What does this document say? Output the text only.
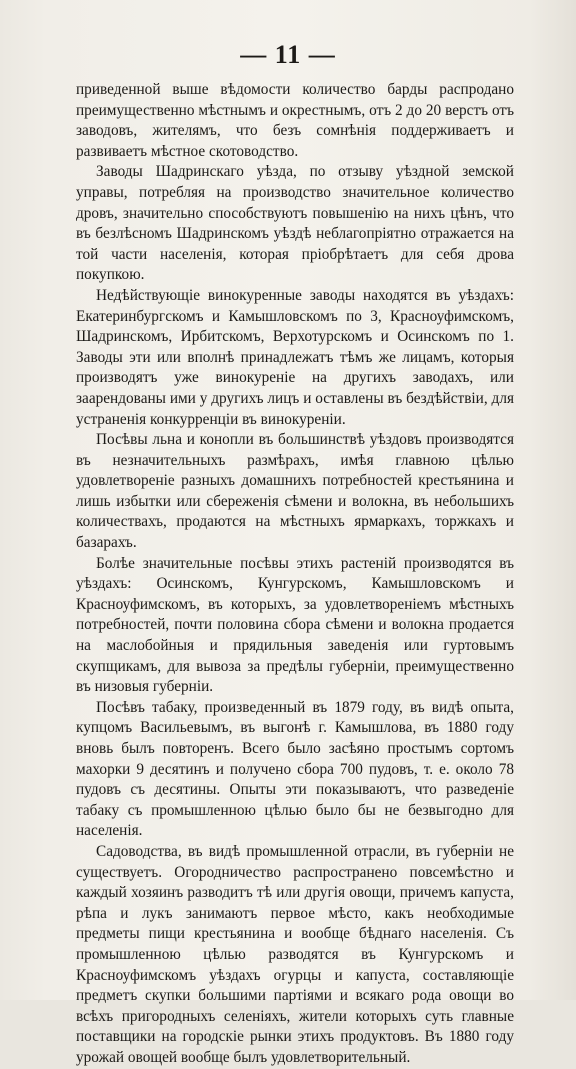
— 11 —

приведенной выше вѣдомости количество барды распродано преимущественно мѣстнымъ и окрестнымъ, отъ 2 до 20 верстъ отъ заводовъ, жителямъ, что безъ сомнѣнія поддерживаетъ и развиваетъ мѣстное скотоводство.

Заводы Шадринскаго уѣзда, по отзыву уѣздной земской управы, потребляя на производство значительное количество дровъ, значительно способствуютъ повышенію на нихъ цѣнъ, что въ безлѣсномъ Шадринскомъ уѣздѣ неблагопріятно отражается на той части населенія, которая пріобрѣтаетъ для себя дрова покупкою.

Недѣйствующіе винокуренные заводы находятся въ уѣздахъ: Екатеринбургскомъ и Камышловскомъ по 3, Красноуфимскомъ, Шадринскомъ, Ирбитскомъ, Верхотурскомъ и Осинскомъ по 1. Заводы эти или вполнѣ принадлежатъ тѣмъ же лицамъ, которыя производятъ уже винокуреніе на другихъ заводахъ, или заарендованы ими у другихъ лицъ и оставлены въ бездѣйствіи, для устраненія конкурренціи въ винокуреніи.

Посѣвы льна и конопли въ большинствѣ уѣздовъ производятся въ незначительныхъ размѣрахъ, имѣя главною цѣлью удовлетвореніе разныхъ домашнихъ потребностей крестьянина и лишь избытки или сбереженія сѣмени и волокна, въ небольшихъ количествахъ, продаются на мѣстныхъ ярмаркахъ, торжкахъ и базарахъ.

Болѣе значительные посѣвы этихъ растеній производятся въ уѣздахъ: Осинскомъ, Кунгурскомъ, Камышловскомъ и Красноуфимскомъ, въ которыхъ, за удовлетвореніемъ мѣстныхъ потребностей, почти половина сбора сѣмени и волокна продается на маслобойныя и прядильныя заведенія или гуртовымъ скупщикамъ, для вывоза за предѣлы губерніи, преимущественно въ низовыя губерніи.

Посѣвъ табаку, произведенный въ 1879 году, въ видѣ опыта, купцомъ Васильевымъ, въ выгонѣ г. Камышлова, въ 1880 году вновь былъ повторенъ. Всего было засѣяно простымъ сортомъ махорки 9 десятинъ и получено сбора 700 пудовъ, т. е. около 78 пудовъ съ десятины. Опыты эти показываютъ, что разведеніе табаку съ промышленною цѣлью было бы не безвыгодно для населенія.

Садоводства, въ видѣ промышленной отрасли, въ губерніи не существуетъ. Огородничество распространено повсемѣстно и каждый хозяинъ разводитъ тѣ или другія овощи, причемъ капуста, рѣпа и лукъ занимаютъ первое мѣсто, какъ необходимые предметы пищи крестьянина и вообще бѣднаго населенія. Съ промышленною цѣлью разводятся въ Кунгурскомъ и Красноуфимскомъ уѣздахъ огурцы и капуста, составляющіе предметъ скупки большими партіями и всякаго рода овощи во всѣхъ пригородныхъ селеніяхъ, жители которыхъ суть главные поставщики на городскіе рынки этихъ продуктовъ. Въ 1880 году урожай овощей вообще былъ удовлетворительный.
